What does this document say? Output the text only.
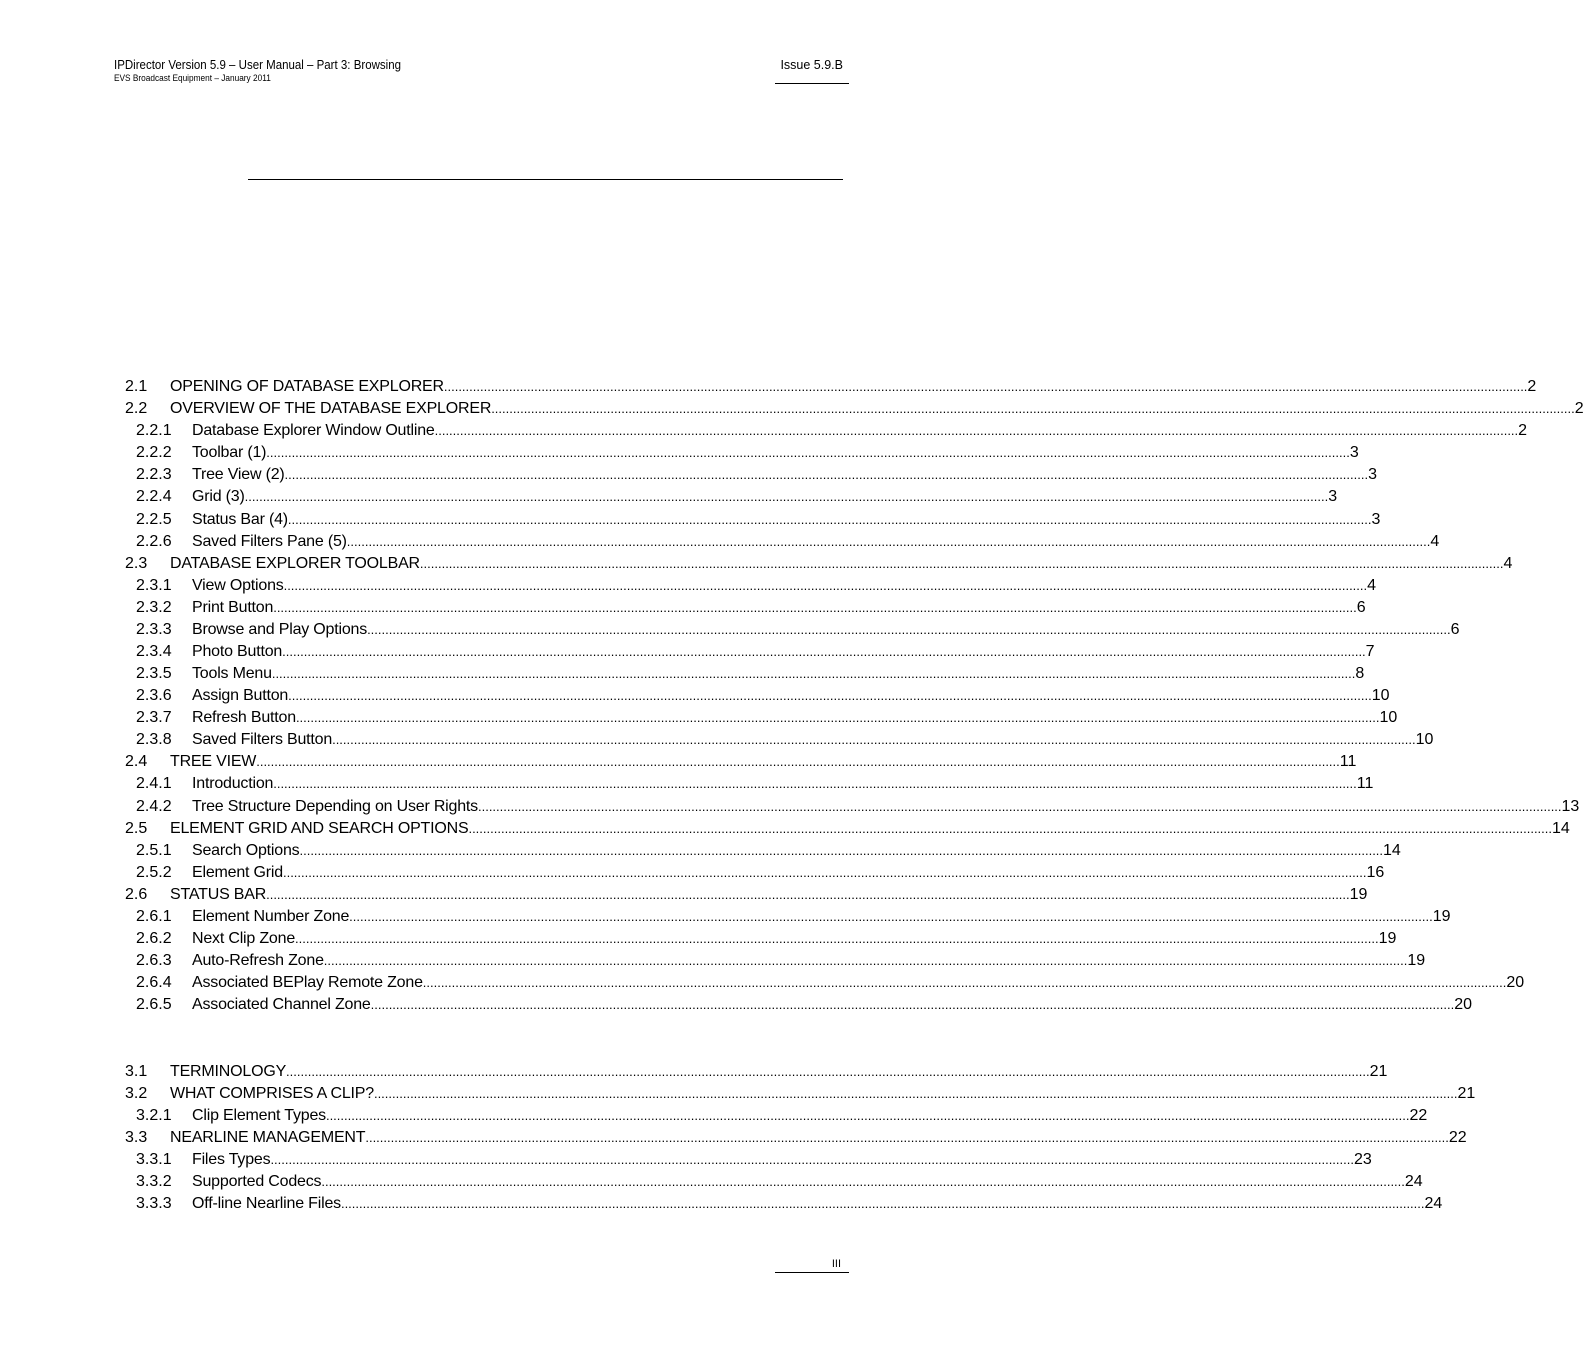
IPDirector Version 5.9 – User Manual – Part 3: Browsing
EVS Broadcast Equipment – January 2011
Issue 5.9.B
2.1 OPENING OF DATABASE EXPLORER ............................................................................................................................................................................................................................................................................................................ 2
2.2 OVERVIEW OF THE DATABASE EXPLORER ............................................................................................................................................................................................................................................................................................................ 2
2.2.1 Database Explorer Window Outline ............................................................................................................................................................................................................................................................................................................ 2
2.2.2 Toolbar (1) ............................................................................................................................................................................................................................................................................................................ 3
2.2.3 Tree View (2) ............................................................................................................................................................................................................................................................................................................ 3
2.2.4 Grid (3) ............................................................................................................................................................................................................................................................................................................ 3
2.2.5 Status Bar (4) ............................................................................................................................................................................................................................................................................................................ 3
2.2.6 Saved Filters Pane (5) ............................................................................................................................................................................................................................................................................................................ 4
2.3 DATABASE EXPLORER TOOLBAR ............................................................................................................................................................................................................................................................................................................ 4
2.3.1 View Options ............................................................................................................................................................................................................................................................................................................ 4
2.3.2 Print Button ............................................................................................................................................................................................................................................................................................................ 6
2.3.3 Browse and Play Options ............................................................................................................................................................................................................................................................................................................ 6
2.3.4 Photo Button ............................................................................................................................................................................................................................................................................................................ 7
2.3.5 Tools Menu ............................................................................................................................................................................................................................................................................................................ 8
2.3.6 Assign Button ............................................................................................................................................................................................................................................................................................................ 10
2.3.7 Refresh Button ............................................................................................................................................................................................................................................................................................................ 10
2.3.8 Saved Filters Button ............................................................................................................................................................................................................................................................................................................ 10
2.4 TREE VIEW ............................................................................................................................................................................................................................................................................................................ 11
2.4.1 Introduction ............................................................................................................................................................................................................................................................................................................ 11
2.4.2 Tree Structure Depending on User Rights ............................................................................................................................................................................................................................................................................................................ 13
2.5 ELEMENT GRID AND SEARCH OPTIONS ............................................................................................................................................................................................................................................................................................................ 14
2.5.1 Search Options ............................................................................................................................................................................................................................................................................................................ 14
2.5.2 Element Grid ............................................................................................................................................................................................................................................................................................................ 16
2.6 STATUS BAR ............................................................................................................................................................................................................................................................................................................ 19
2.6.1 Element Number Zone ............................................................................................................................................................................................................................................................................................................ 19
2.6.2 Next Clip Zone ............................................................................................................................................................................................................................................................................................................ 19
2.6.3 Auto-Refresh Zone ............................................................................................................................................................................................................................................................................................................ 19
2.6.4 Associated BEPlay Remote Zone ............................................................................................................................................................................................................................................................................................................ 20
2.6.5 Associated Channel Zone ............................................................................................................................................................................................................................................................................................................ 20
3.1 TERMINOLOGY ............................................................................................................................................................................................................................................................................................................ 21
3.2 WHAT COMPRISES A CLIP? ............................................................................................................................................................................................................................................................................................................ 21
3.2.1 Clip Element Types ............................................................................................................................................................................................................................................................................................................ 22
3.3 NEARLINE MANAGEMENT ............................................................................................................................................................................................................................................................................................................ 22
3.3.1 Files Types ............................................................................................................................................................................................................................................................................................................ 23
3.3.2 Supported Codecs ............................................................................................................................................................................................................................................................................................................ 24
3.3.3 Off-line Nearline Files ............................................................................................................................................................................................................................................................................................................ 24
III
